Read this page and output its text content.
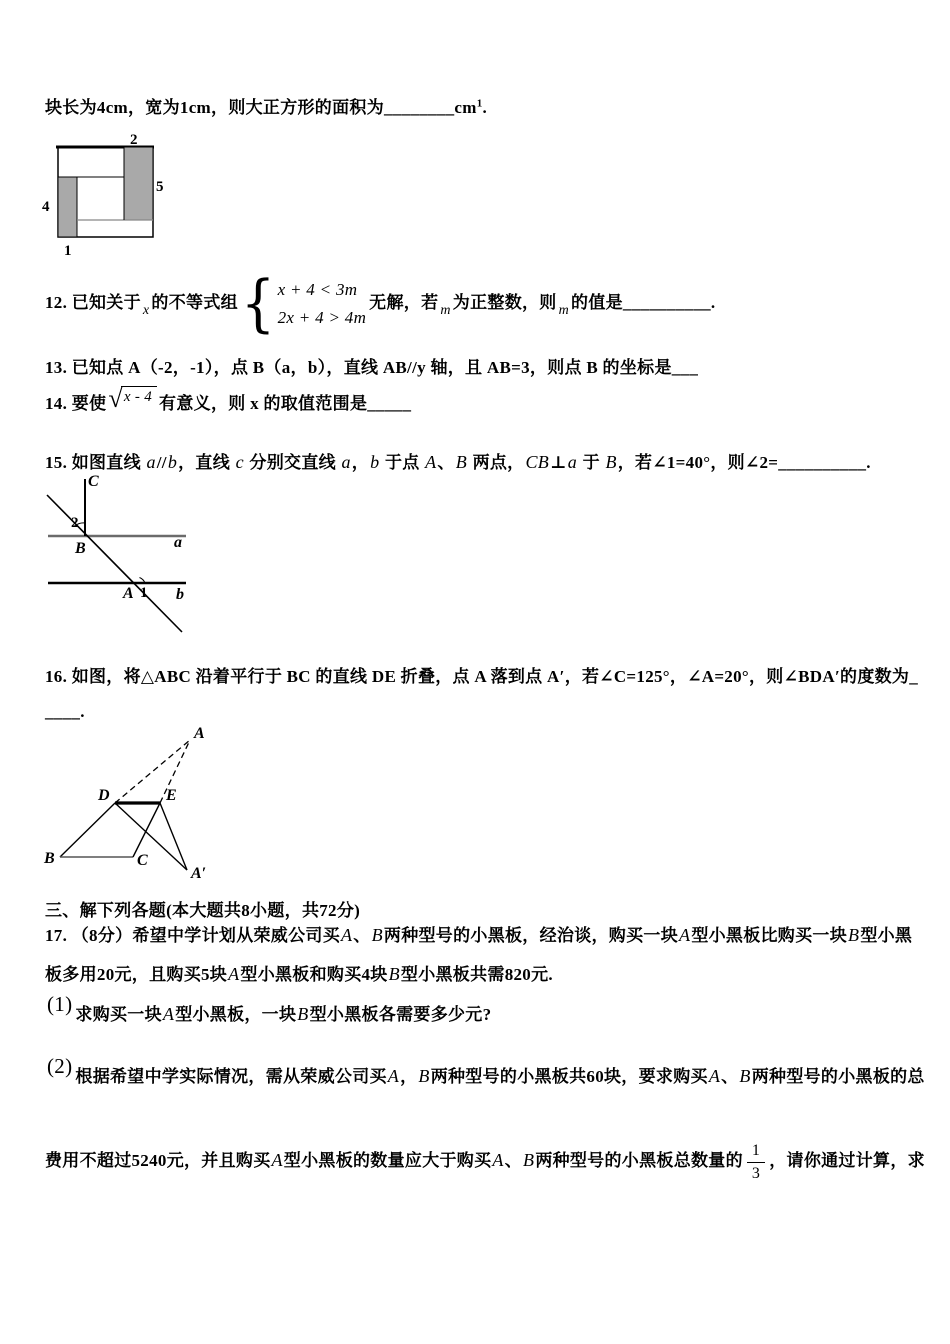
块长为4cm，宽为1cm，则大正方形的面积为$\_\_\_\_\_\_\_\_cm^1$.
2
5
4
1
12. 已知关于 $_x$ 的不等式组 { x + 4 < 3m
2x + 4 > 4m
无解，若 $_m$ 为正整数，则 $_m$ 的值是__________.
13. 已知点 A（-2，-1），点 B（a，b），直线 AB//y 轴，且 AB=3，则点 B 的坐标是___
14. 要使 √ x - 4 有意义，则 x 的取值范围是_____
15. 如图直线 a//b，直线 c 分别交直线 a，b 于点 A、B 两点，CB⊥a 于 B，若∠1=40°，则∠2=__________.
C
2
B	a
A 1 b
16. 如图，将△ABC 沿着平行于 BC 的直线 DE 折叠，点 A 落到点 A′，若∠C=125°，∠A=20°，则∠BDA′的度数为_
____.
A
D	E
B	C
A′
三、解下列各题(本大题共8小题，共72分)
17. （8分）希望中学计划从荣威公司买A、B两种型号的小黑板，经治谈，购买一块A型小黑板比购买一块B型小黑
板多用20元，且购买5块A型小黑板和购买4块B型小黑板共需820元.
(1) 求购买一块A型小黑板，一块B型小黑板各需要多少元?
(2) 根据希望中学实际情况，需从荣威公司买A，B两种型号的小黑板共60块，要求购买A、B两种型号的小黑板的总
费用不超过5240元，并且购买A型小黑板的数量应大于购买A、B两种型号的小黑板总数量的 $\frac{1}{3}$ ，请你通过计算，求
